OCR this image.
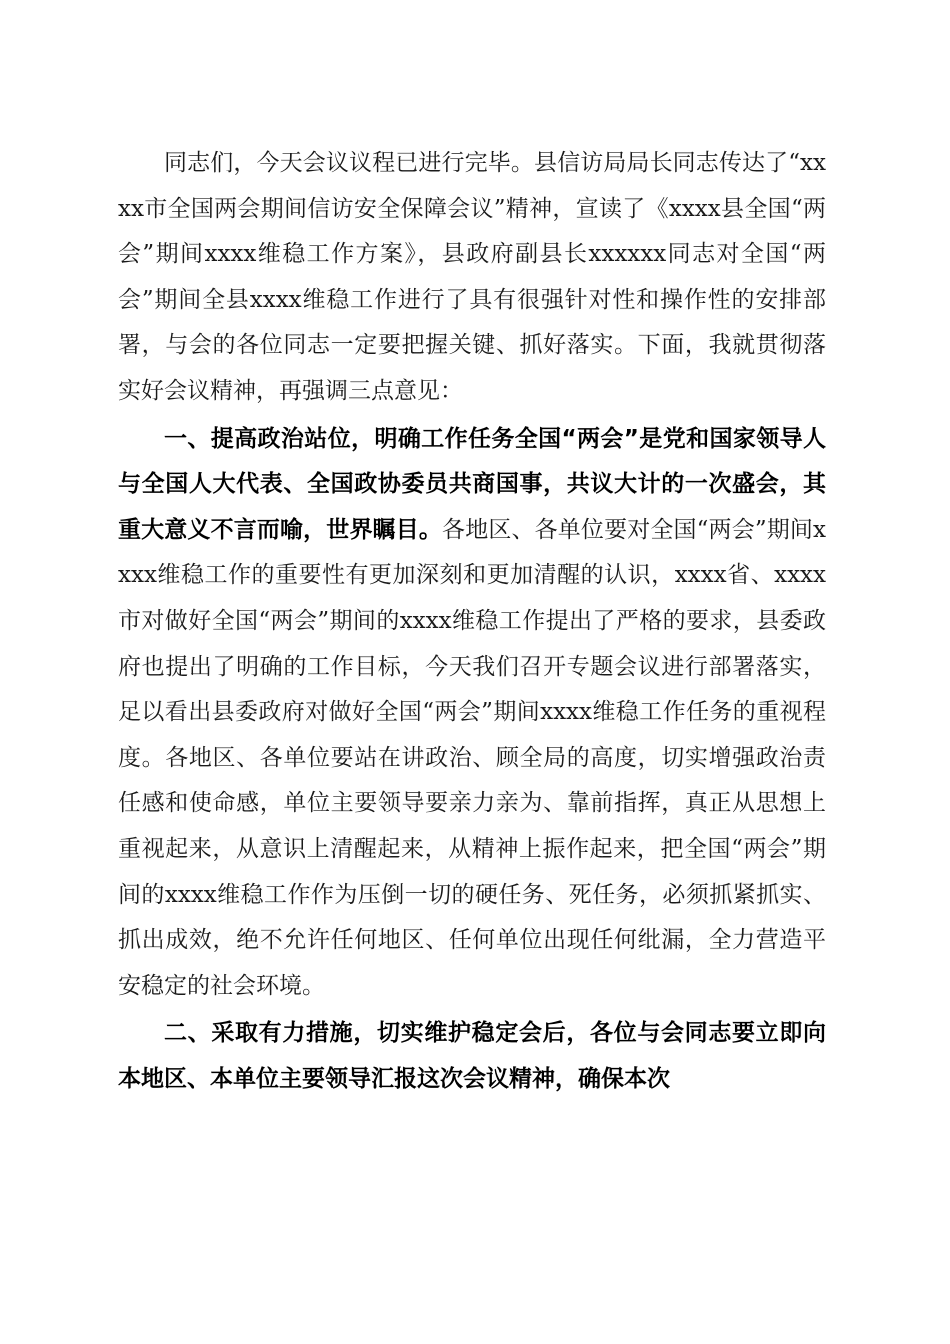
同志们，今天会议议程已进行完毕。县信访局局长同志传达了“xxxx市全国两会期间信访安全保障会议”精神，宣读了《xxxx县全国“两会”期间xxxx维稳工作方案》，县政府副县长xxxxxx同志对全国“两会”期间全县xxxx维稳工作进行了具有很强针对性和操作性的安排部署，与会的各位同志一定要把握关键、抓好落实。下面，我就贯彻落实好会议精神，再强调三点意见：

一、提高政治站位，明确工作任务全国“两会”是党和国家领导人与全国人大代表、全国政协委员共商国事，共议大计的一次盛会，其重大意义不言而喻，世界瞩目。各地区、各单位要对全国“两会”期间xxxx维稳工作的重要性有更加深刻和更加清醒的认识，xxxx省、xxxx市对做好全国“两会”期间的xxxx维稳工作提出了严格的要求，县委政府也提出了明确的工作目标，今天我们召开专题会议进行部署落实，足以看出县委政府对做好全国“两会”期间xxxx维稳工作任务的重视程度。各地区、各单位要站在讲政治、顾全局的高度，切实增强政治责任感和使命感，单位主要领导要亲力亲为、靠前指挥，真正从思想上重视起来，从意识上清醒起来，从精神上振作起来，把全国“两会”期间的xxxx维稳工作作为压倒一切的硬任务、死任务，必须抓紧抓实、抓出成效，绝不允许任何地区、任何单位出现任何纰漏，全力营造平安稳定的社会环境。

二、采取有力措施，切实维护稳定会后，各位与会同志要立即向本地区、本单位主要领导汇报这次会议精神，确保本次
